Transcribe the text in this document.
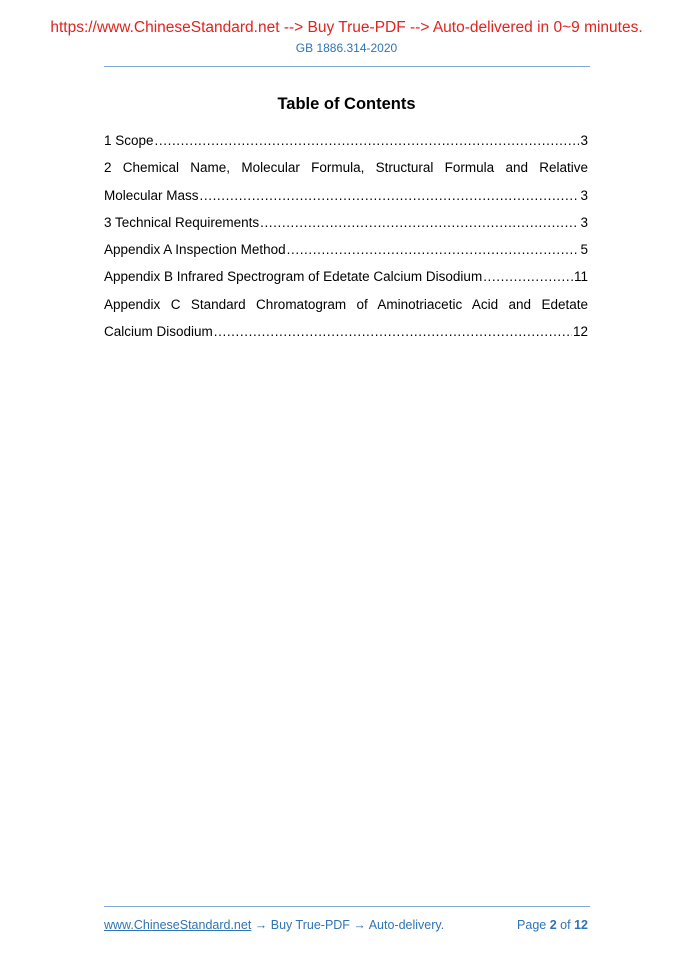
https://www.ChineseStandard.net --> Buy True-PDF --> Auto-delivered in 0~9 minutes.
GB 1886.314-2020
Table of Contents
1 Scope .....	3
2 Chemical Name, Molecular Formula, Structural Formula and Relative
Molecular Mass .....	3
3 Technical Requirements .....	3
Appendix A Inspection Method .....	5
Appendix B Infrared Spectrogram of Edetate Calcium Disodium .....	11
Appendix C Standard Chromatogram of Aminotriacetic Acid and Edetate
Calcium Disodium .....	12
www.ChineseStandard.net → Buy True-PDF → Auto-delivery.	Page 2 of 12
